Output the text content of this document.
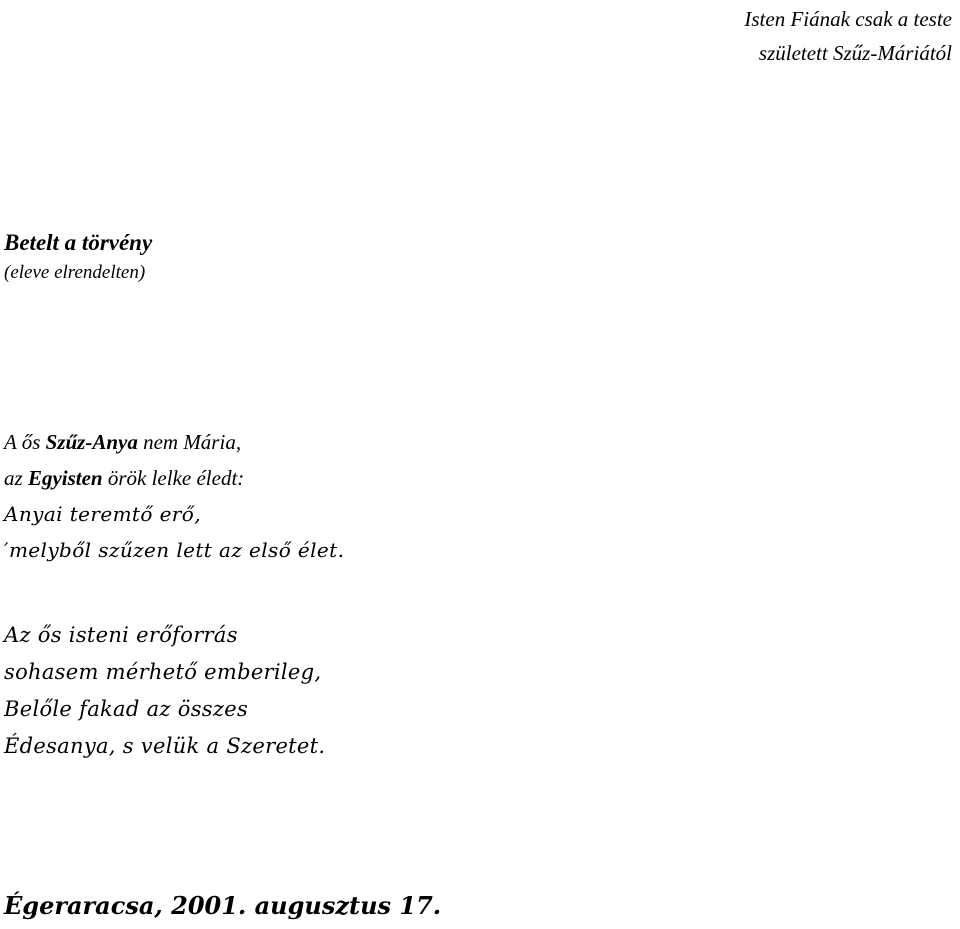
Isten Fiának csak a teste
született Szűz-Máriától
Betelt a törvény
(eleve elrendelten)
A ős Szűz-Anya nem Mária,
az Egyisten örök lelke éledt:
Anyai teremtő erő,
′melyből szűzen lett az első élet.
Az ős isteni erőforrás
sohasem mérhető emberileg,
Belőle fakad az összes
Édesanya, s velük a Szeretet.
Égeraracsa, 2001. augusztus 17.
